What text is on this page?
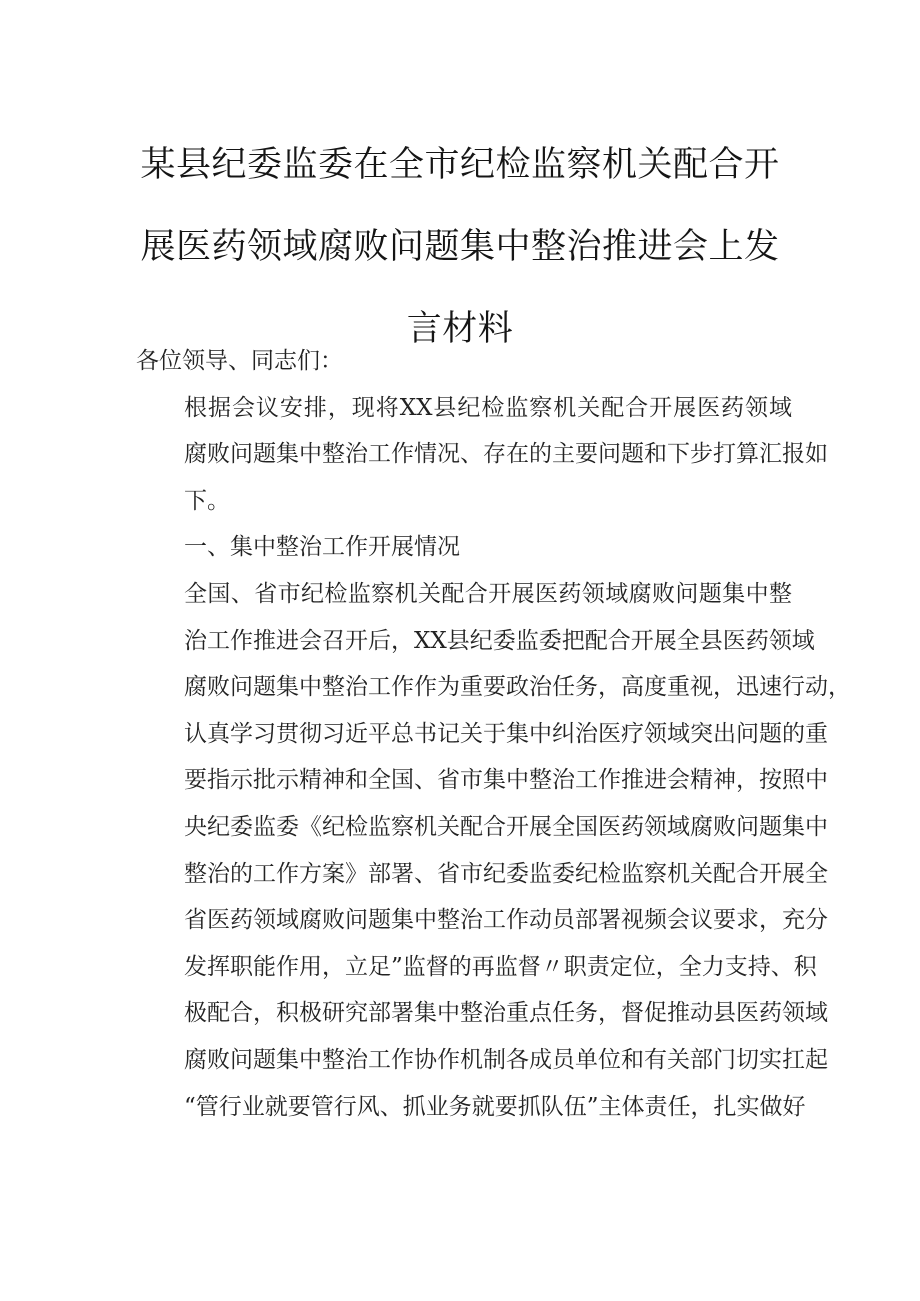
某县纪委监委在全市纪检监察机关配合开
展医药领域腐败问题集中整治推进会上发
言材料

各位领导、同志们：

根据会议安排，现将XX县纪检监察机关配合开展医药领域
腐败问题集中整治工作情况、存在的主要问题和下步打算汇报如
下。

一、集中整治工作开展情况

全国、省市纪检监察机关配合开展医药领域腐败问题集中整
治工作推进会召开后，XX县纪委监委把配合开展全县医药领域
腐败问题集中整治工作作为重要政治任务，高度重视，迅速行动，
认真学习贯彻习近平总书记关于集中纠治医疗领域突出问题的重
要指示批示精神和全国、省市集中整治工作推进会精神，按照中
央纪委监委《纪检监察机关配合开展全国医药领域腐败问题集中
整治的工作方案》部署、省市纪委监委纪检监察机关配合开展全
省医药领域腐败问题集中整治工作动员部署视频会议要求，充分
发挥职能作用，立足”监督的再监督〃职责定位，全力支持、积
极配合，积极研究部署集中整治重点任务，督促推动县医药领域
腐败问题集中整治工作协作机制各成员单位和有关部门切实扛起
“管行业就要管行风、抓业务就要抓队伍”主体责任，扎实做好
